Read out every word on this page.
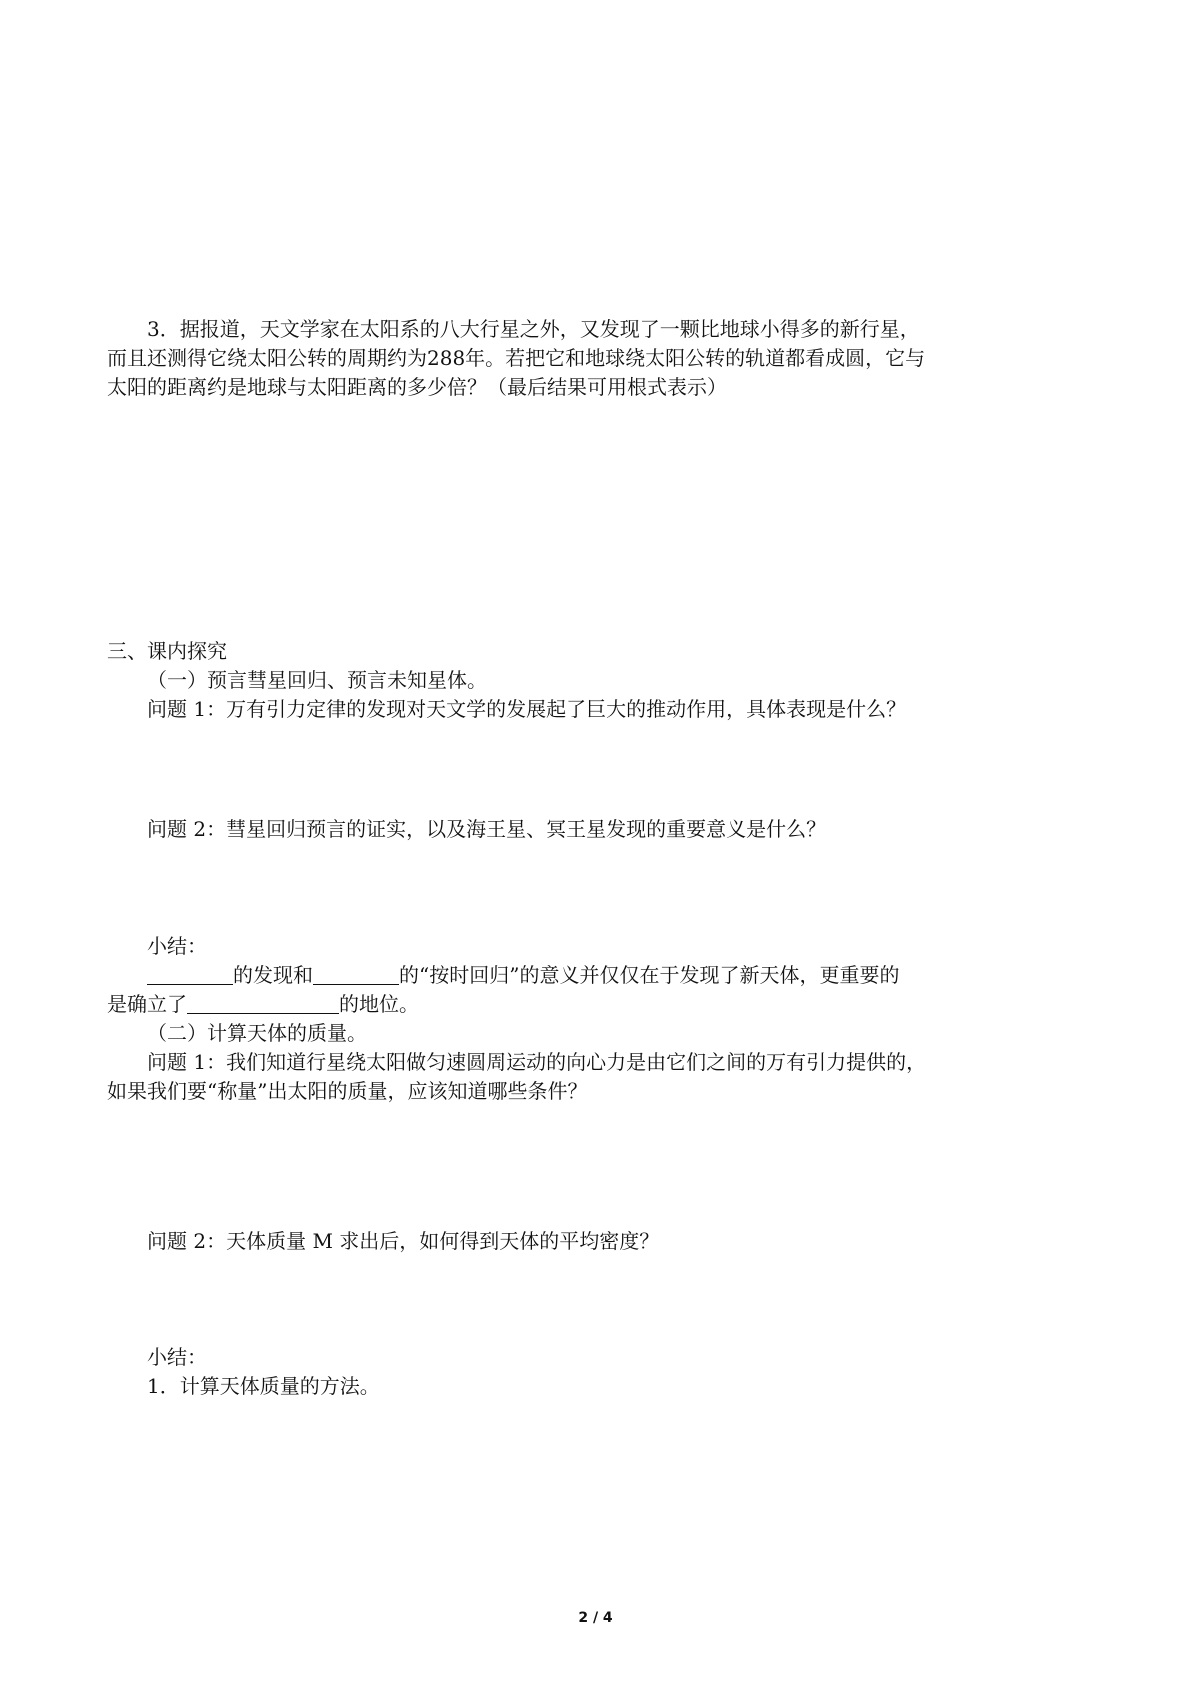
3．据报道，天文学家在太阳系的八大行星之外，又发现了一颗比地球小得多的新行星，
而且还测得它绕太阳公转的周期约为288年。若把它和地球绕太阳公转的轨道都看成圆，它与
太阳的距离约是地球与太阳距离的多少倍？（最后结果可用根式表示）
三、课内探究
（一）预言彗星回归、预言未知星体。
问题 1：万有引力定律的发现对天文学的发展起了巨大的推动作用，具体表现是什么？
问题 2：彗星回归预言的证实，以及海王星、冥王星发现的重要意义是什么？
小结：
的发现和	的“按时回归”的意义并仅仅在于发现了新天体，更重要的
是确立了	的地位。
（二）计算天体的质量。
问题 1：我们知道行星绕太阳做匀速圆周运动的向心力是由它们之间的万有引力提供的，
如果我们要“称量”出太阳的质量，应该知道哪些条件？
问题 2：天体质量 M 求出后，如何得到天体的平均密度？
小结：
1．计算天体质量的方法。
2 / 4
